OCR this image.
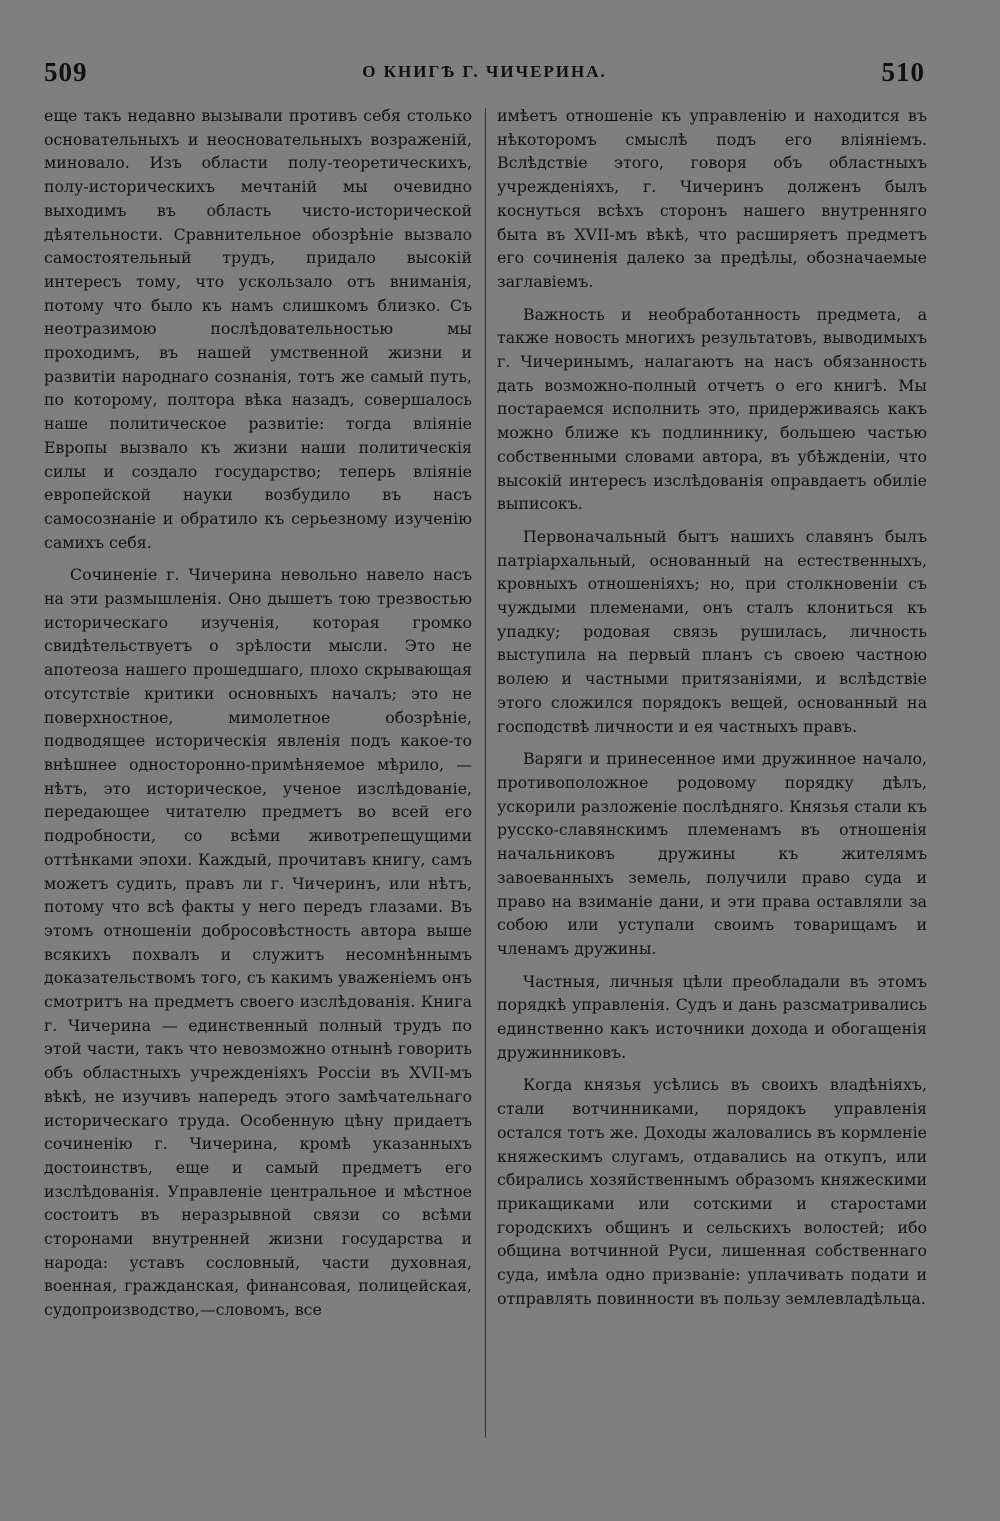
509	О КНИГѢ Г. ЧИЧЕРИНА.	510

еще такъ недавно вызывали противъ себя столько основательныхъ и неосновательныхъ возраженій, миновало. Изъ области полу-теоретическихъ, полу-историческихъ мечтаній мы очевидно выходимъ въ область чисто-исторической дѣятельности. Сравнительное обозрѣніе вызвало самостоятельный трудъ, придало высокій интересъ тому, что ускользало отъ вниманія, потому что было къ намъ слишкомъ близко. Съ неотразимою послѣдовательностью мы проходимъ, въ нашей умственной жизни и развитіи народнаго сознанія, тотъ же самый путь, по которому, полтора вѣка назадъ, совершалось наше политическое развитіе: тогда вліяніе Европы вызвало къ жизни наши политическія силы и создало государство; теперь вліяніе европейской науки возбудило въ насъ самосознаніе и обратило къ серьезному изученію самихъ себя.

Сочиненіе г. Чичерина невольно навело насъ на эти размышленія. Оно дышетъ тою трезвостью историческаго изученія, которая громко свидѣтельствуетъ о зрѣлости мысли. Это не апотеоза нашего прошедшаго, плохо скрывающая отсутствіе критики основныхъ началъ; это не поверхностное, мимолетное обозрѣніе, подводящее историческія явленія подъ какое-то внѣшнее односторонно-примѣняемое мѣрило, — нѣтъ, это историческое, ученое изслѣдованіе, передающее читателю предметъ во всей его подробности, со всѣми животрепещущими оттѣнками эпохи. Каждый, прочитавъ книгу, самъ можетъ судить, правъ ли г. Чичеринъ, или нѣтъ, потому что всѣ факты у него передъ глазами. Въ этомъ отношеніи добросовѣстность автора выше всякихъ похвалъ и служитъ несомнѣннымъ доказательствомъ того, съ какимъ уваженіемъ онъ смотритъ на предметъ своего изслѣдованія. Книга г. Чичерина — единственный полный трудъ по этой части, такъ что невозможно отнынѣ говорить объ областныхъ учрежденіяхъ Россіи въ XVII-мъ вѣкѣ, не изучивъ напередъ этого замѣчательнаго историческаго труда. Особенную цѣну придаетъ сочиненію г. Чичерина, кромѣ указанныхъ достоинствъ, еще и самый предметъ его изслѣдованія. Управленіе центральное и мѣстное состоитъ въ неразрывной связи со всѣми сторонами внутренней жизни государства и народа: уставъ сословный, части духовная, военная, гражданская, финансовая, полицейская, судопроизводство,—словомъ, все

имѣетъ отношеніе къ управленію и находится въ нѣкоторомъ смыслѣ подъ его вліяніемъ. Вслѣдствіе этого, говоря объ областныхъ учрежденіяхъ, г. Чичеринъ долженъ былъ коснуться всѣхъ сторонъ нашего внутренняго быта въ XVII-мъ вѣкѣ, что расширяетъ предметъ его сочиненія далеко за предѣлы, обозначаемые заглавіемъ.

Важность и необработанность предмета, а также новость многихъ результатовъ, выводимыхъ г. Чичеринымъ, налагаютъ на насъ обязанность дать возможно-полный отчетъ о его книгѣ. Мы постараемся исполнить это, придерживаясь какъ можно ближе къ подлиннику, большею частью собственными словами автора, въ убѣжденіи, что высокій интересъ изслѣдованія оправдаетъ обиліе выписокъ.

Первоначальный бытъ нашихъ славянъ былъ патріархальный, основанный на естественныхъ, кровныхъ отношеніяхъ; но, при столкновеніи съ чуждыми племенами, онъ сталъ клониться къ упадку; родовая связь рушилась, личность выступила на первый планъ съ своею частною волею и частными притязаніями, и вслѣдствіе этого сложился порядокъ вещей, основанный на господствѣ личности и ея частныхъ правъ.

Варяги и принесенное ими дружинное начало, противоположное родовому порядку дѣлъ, ускорили разложеніе послѣдняго. Князья стали къ русско-славянскимъ племенамъ въ отношенія начальниковъ дружины къ жителямъ завоеванныхъ земель, получили право суда и право на взиманіе дани, и эти права оставляли за собою или уступали своимъ товарищамъ и членамъ дружины.

Частныя, личныя цѣли преобладали въ этомъ порядкѣ управленія. Судъ и дань разсматривались единственно какъ источники дохода и обогащенія дружинниковъ.

Когда князья усѣлись въ своихъ владѣніяхъ, стали вотчинниками, порядокъ управленія остался тотъ же. Доходы жаловались въ кормленіе княжескимъ слугамъ, отдавались на откупъ, или сбирались хозяйственнымъ образомъ княжескими прикащиками или сотскими и старостами городскихъ общинъ и сельскихъ волостей; ибо община вотчинной Руси, лишенная собственнаго суда, имѣла одно призваніе: уплачивать подати и отправлять повинности въ пользу землевладѣльца.
